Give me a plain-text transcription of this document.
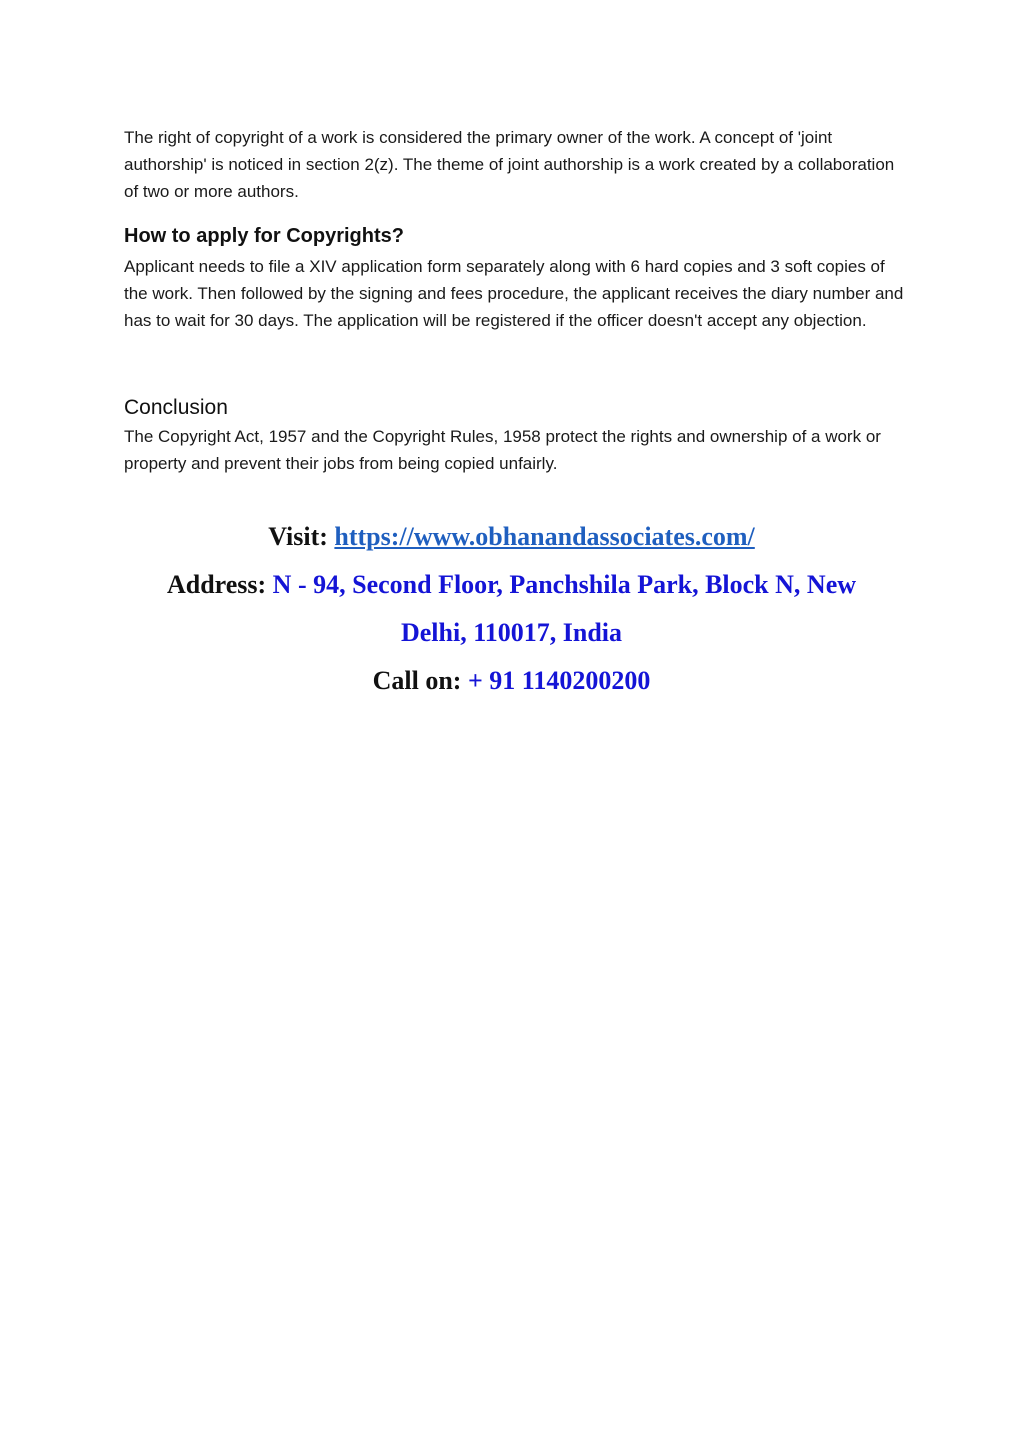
The right of copyright of a work is considered the primary owner of the work. A concept of 'joint authorship' is noticed in section 2(z). The theme of joint authorship is a work created by a collaboration of two or more authors.

How to apply for Copyrights?

Applicant needs to file a XIV application form separately along with 6 hard copies and 3 soft copies of the work. Then followed by the signing and fees procedure, the applicant receives the diary number and has to wait for 30 days. The application will be registered if the officer doesn't accept any objection.

Conclusion

The Copyright Act, 1957 and the Copyright Rules, 1958 protect the rights and ownership of a work or property and prevent their jobs from being copied unfairly.

Visit: https://www.obhanandassociates.com/
Address: N - 94, Second Floor, Panchshila Park, Block N, New
Delhi, 110017, India
Call on: + 91 1140200200
